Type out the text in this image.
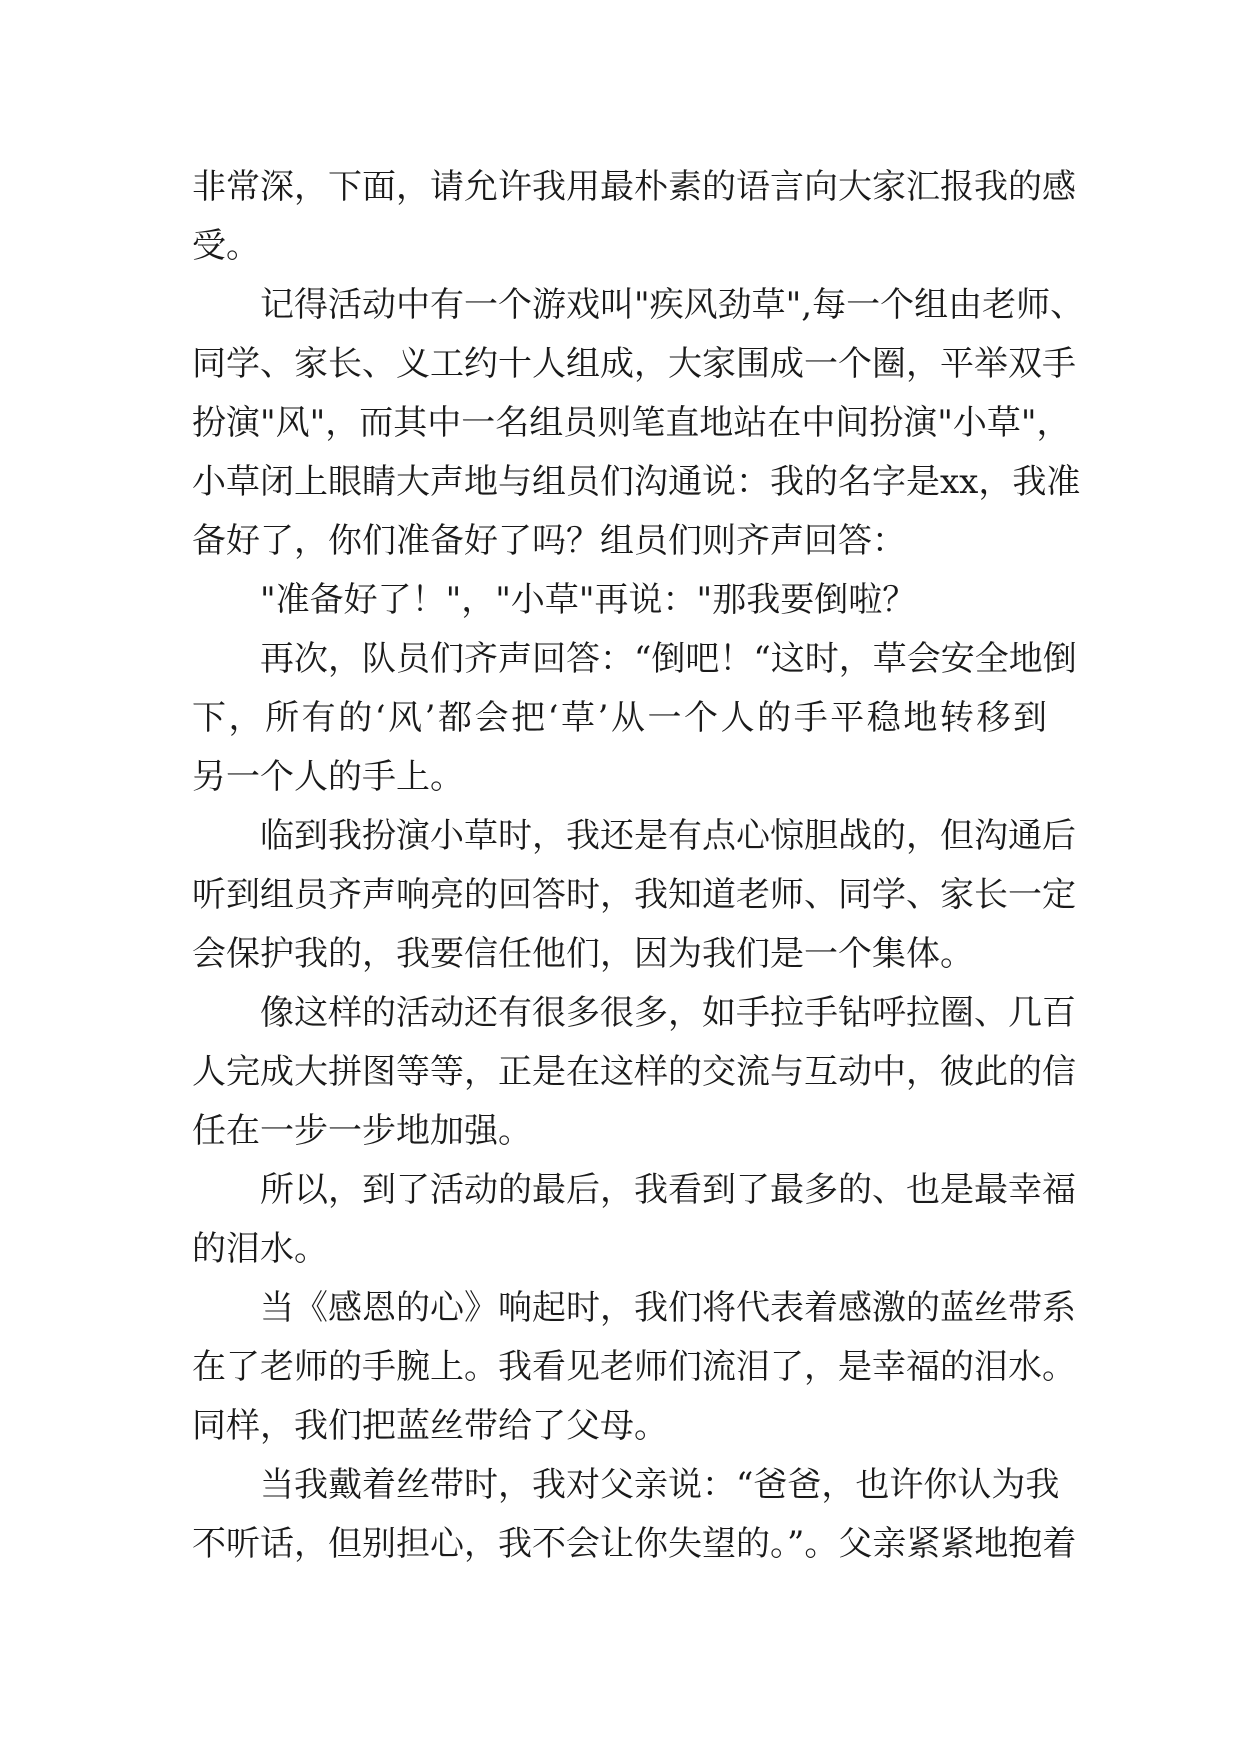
非常深，下面，请允许我用最朴素的语言向大家汇报我的感
受。
记得活动中有一个游戏叫"疾风劲草",每一个组由老师、
同学、家长、义工约十人组成，大家围成一个圈，平举双手
扮演"风"，而其中一名组员则笔直地站在中间扮演"小草"，
小草闭上眼睛大声地与组员们沟通说：我的名字是xx，我准
备好了，你们准备好了吗？组员们则齐声回答：
"准备好了！"，"小草"再说："那我要倒啦？
再次，队员们齐声回答：“倒吧！“这时，草会安全地倒
下，所有的‘风’都会把‘草’从一个人的手平稳地转移到
另一个人的手上。
临到我扮演小草时，我还是有点心惊胆战的，但沟通后
听到组员齐声响亮的回答时，我知道老师、同学、家长一定
会保护我的，我要信任他们，因为我们是一个集体。
像这样的活动还有很多很多，如手拉手钻呼拉圈、几百
人完成大拼图等等，正是在这样的交流与互动中，彼此的信
任在一步一步地加强。
所以，到了活动的最后，我看到了最多的、也是最幸福
的泪水。
当《感恩的心》响起时，我们将代表着感激的蓝丝带系
在了老师的手腕上。我看见老师们流泪了，是幸福的泪水。
同样，我们把蓝丝带给了父母。
当我戴着丝带时，我对父亲说：“爸爸，也许你认为我
不听话，但别担心，我不会让你失望的。”。父亲紧紧地抱着
